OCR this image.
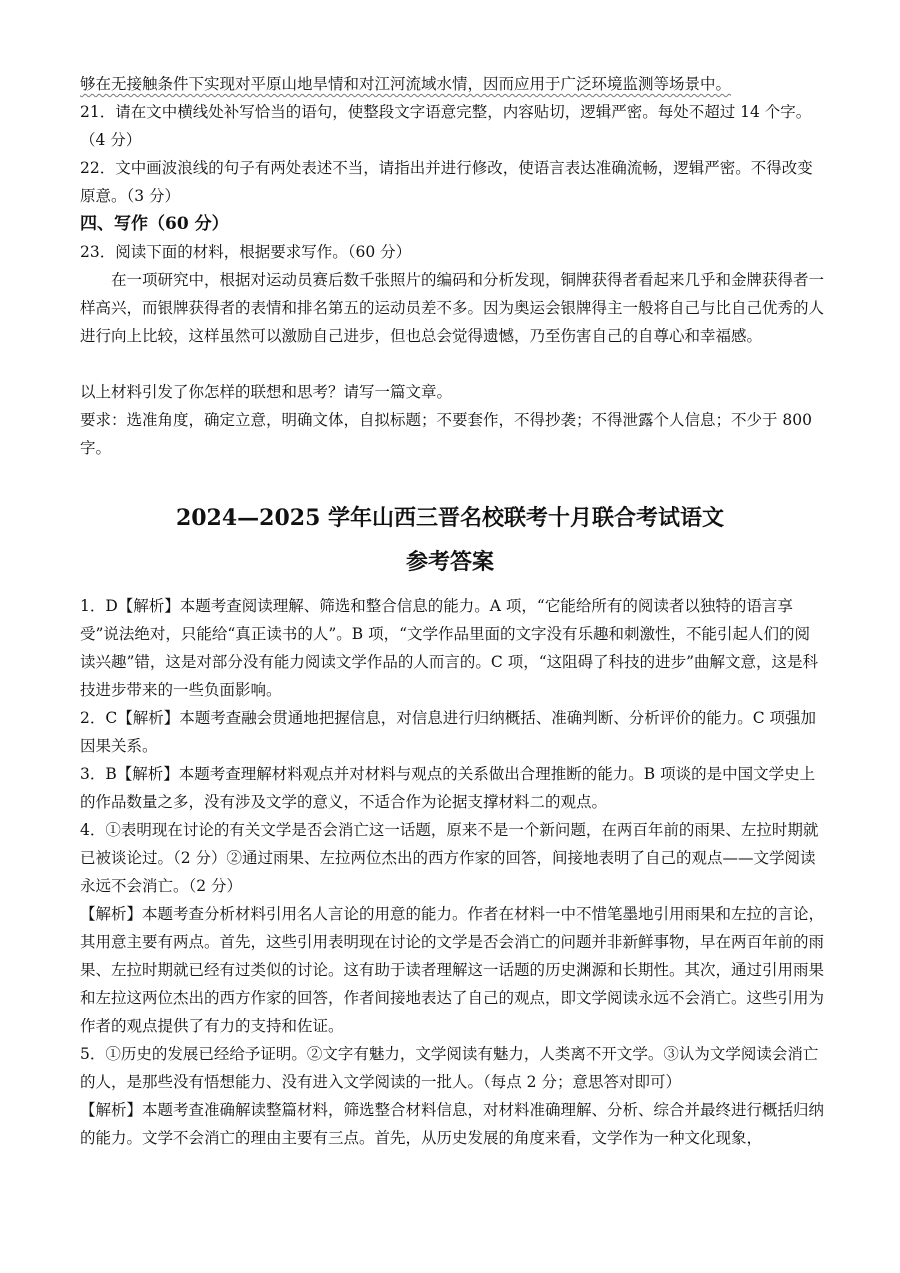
够在无接触条件下实现对平原山地旱情和对江河流域水情，因而应用于广泛环境监测等场景中。

21．请在文中横线处补写恰当的语句，使整段文字语意完整，内容贴切，逻辑严密。每处不超过 14 个字。（4 分）

22．文中画波浪线的句子有两处表述不当，请指出并进行修改，使语言表达准确流畅，逻辑严密。不得改变原意。（3 分）

四、写作（60 分）

23．阅读下面的材料，根据要求写作。（60 分）

在一项研究中，根据对运动员赛后数千张照片的编码和分析发现，铜牌获得者看起来几乎和金牌获得者一样高兴，而银牌获得者的表情和排名第五的运动员差不多。因为奥运会银牌得主一般将自己与比自己优秀的人进行向上比较，这样虽然可以激励自己进步，但也总会觉得遗憾，乃至伤害自己的自尊心和幸福感。

以上材料引发了你怎样的联想和思考？请写一篇文章。

要求：选准角度，确定立意，明确文体，自拟标题；不要套作，不得抄袭；不得泄露个人信息；不少于 800 字。

2024—2025 学年山西三晋名校联考十月联合考试语文
参考答案

1．D【解析】本题考查阅读理解、筛选和整合信息的能力。A 项，“它能给所有的阅读者以独特的语言享受”说法绝对，只能给“真正读书的人”。B 项，“文学作品里面的文字没有乐趣和刺激性，不能引起人们的阅读兴趣”错，这是对部分没有能力阅读文学作品的人而言的。C 项，“这阻碍了科技的进步”曲解文意，这是科技进步带来的一些负面影响。

2．C【解析】本题考查融会贯通地把握信息，对信息进行归纳概括、准确判断、分析评价的能力。C 项强加因果关系。

3．B【解析】本题考查理解材料观点并对材料与观点的关系做出合理推断的能力。B 项谈的是中国文学史上的作品数量之多，没有涉及文学的意义，不适合作为论据支撑材料二的观点。

4．①表明现在讨论的有关文学是否会消亡这一话题，原来不是一个新问题，在两百年前的雨果、左拉时期就已被谈论过。（2 分）②通过雨果、左拉两位杰出的西方作家的回答，间接地表明了自己的观点——文学阅读永远不会消亡。（2 分）

【解析】本题考查分析材料引用名人言论的用意的能力。作者在材料一中不惜笔墨地引用雨果和左拉的言论，其用意主要有两点。首先，这些引用表明现在讨论的文学是否会消亡的问题并非新鲜事物，早在两百年前的雨果、左拉时期就已经有过类似的讨论。这有助于读者理解这一话题的历史渊源和长期性。其次，通过引用雨果和左拉这两位杰出的西方作家的回答，作者间接地表达了自己的观点，即文学阅读永远不会消亡。这些引用为作者的观点提供了有力的支持和佐证。

5．①历史的发展已经给予证明。②文字有魅力，文学阅读有魅力，人类离不开文学。③认为文学阅读会消亡的人，是那些没有悟想能力、没有进入文学阅读的一批人。（每点 2 分；意思答对即可）

【解析】本题考查准确解读整篇材料，筛选整合材料信息，对材料准确理解、分析、综合并最终进行概括归纳的能力。文学不会消亡的理由主要有三点。首先，从历史发展的角度来看，文学作为一种文化现象，
